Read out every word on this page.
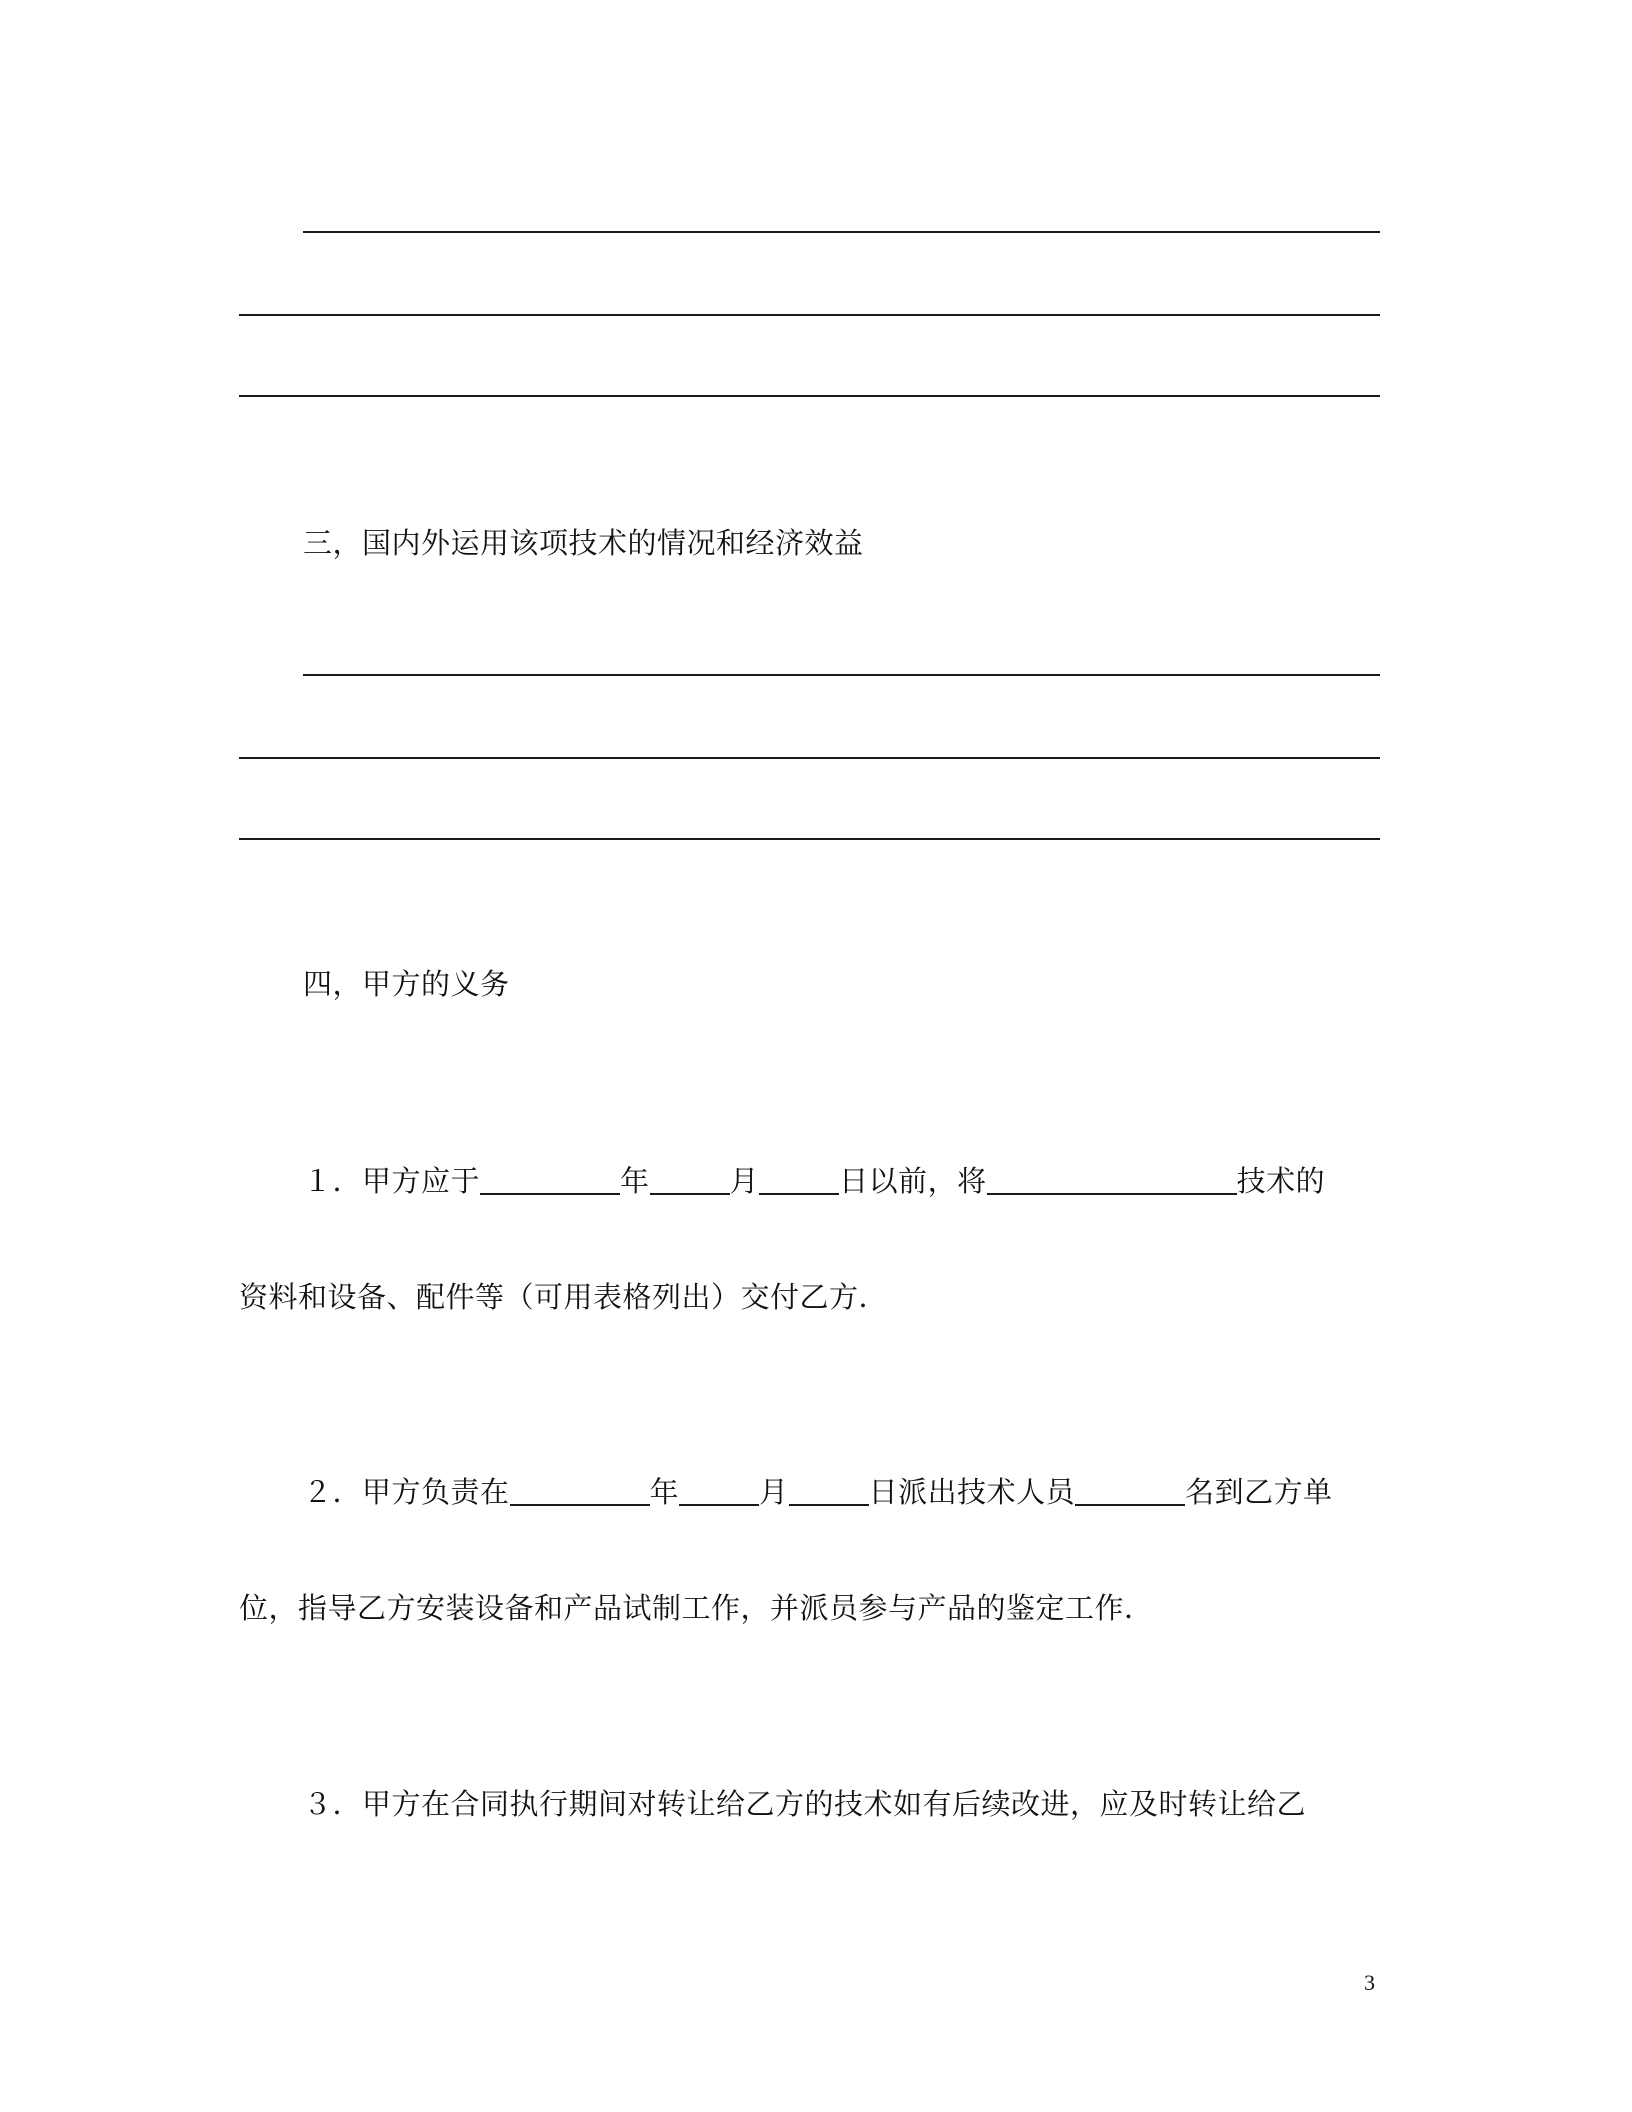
三，国内外运用该项技术的情况和经济效益
四，甲方的义务
１．甲方应于	年	月	日以前，将	技术的
资料和设备、配件等（可用表格列出）交付乙方．
２．甲方负责在	年	月	日派出技术人员	名到乙方单
位，指导乙方安装设备和产品试制工作，并派员参与产品的鉴定工作．
３．甲方在合同执行期间对转让给乙方的技术如有后续改进，应及时转让给乙
3
